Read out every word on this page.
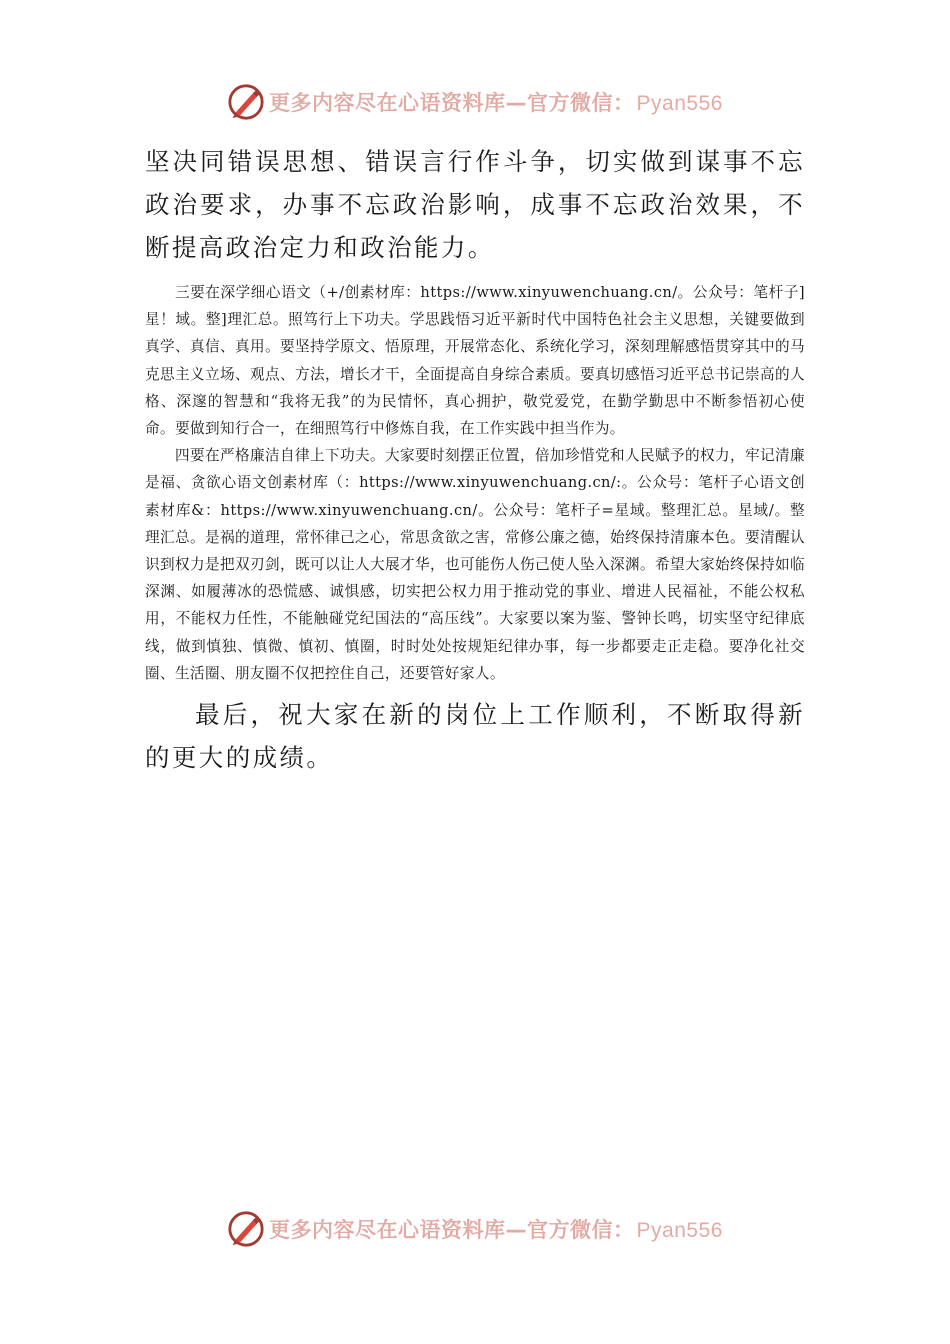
更多内容尽在心语资料库—官方微信：Pyan556

坚决同错误思想、错误言行作斗争，切实做到谋事不忘政治要求，办事不忘政治影响，成事不忘政治效果，不断提高政治定力和政治能力。

三要在深学细心语文（+/创素材库：https://www.xinyuwenchuang.cn/。公众号：笔杆子]星！域。整]理汇总。照笃行上下功夫。学思践悟习近平新时代中国特色社会主义思想，关键要做到真学、真信、真用。要坚持学原文、悟原理，开展常态化、系统化学习，深刻理解感悟贯穿其中的马克思主义立场、观点、方法，增长才干，全面提高自身综合素质。要真切感悟习近平总书记崇高的人格、深邃的智慧和“我将无我”的为民情怀，真心拥护，敬党爱党，在勤学勤思中不断参悟初心使命。要做到知行合一，在细照笃行中修炼自我，在工作实践中担当作为。

四要在严格廉洁自律上下功夫。大家要时刻摆正位置，倍加珍惜党和人民赋予的权力，牢记清廉是福、贪欲心语文创素材库（：https://www.xinyuwenchuang.cn/:。公众号：笔杆子心语文创素材库&：https://www.xinyuwenchuang.cn/。公众号：笔杆子=星域。整理汇总。星域/。整理汇总。是祸的道理，常怀律己之心，常思贪欲之害，常修公廉之德，始终保持清廉本色。要清醒认识到权力是把双刃剑，既可以让人大展才华，也可能伤人伤己使人坠入深渊。希望大家始终保持如临深渊、如履薄冰的恐慌感、诚惧感，切实把公权力用于推动党的事业、增进人民福祉，不能公权私用，不能权力任性，不能触碰党纪国法的“高压线”。大家要以案为鉴、警钟长鸣，切实坚守纪律底线，做到慎独、慎微、慎初、慎圈，时时处处按规矩纪律办事，每一步都要走正走稳。要净化社交圈、生活圈、朋友圈不仅把控住自己，还要管好家人。

最后，祝大家在新的岗位上工作顺利，不断取得新的更大的成绩。

更多内容尽在心语资料库—官方微信：Pyan556
